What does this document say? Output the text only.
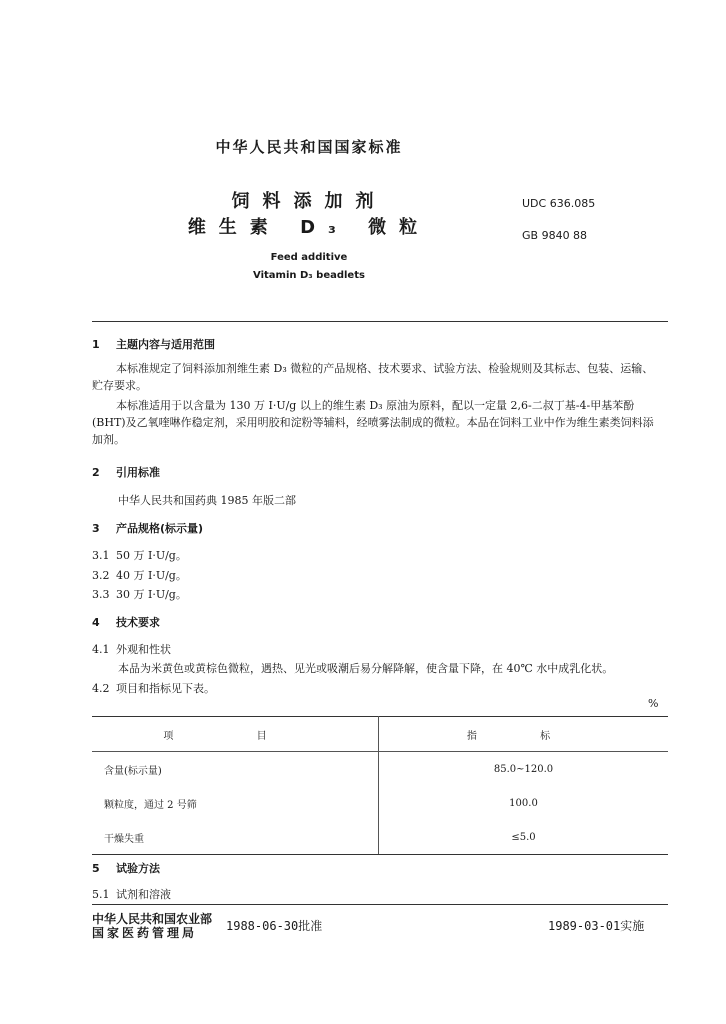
中华人民共和国国家标准
饲料添加剂
维生素 D₃ 微粒
Feed additive
Vitamin D₃ beadlets
UDC 636.085
GB 9840 88
1 主题内容与适用范围
本标准规定了饲料添加剂维生素 D₃ 微粒的产品规格、技术要求、试验方法、检验规则及其标志、包装、运输、贮存要求。
本标准适用于以含量为 130 万 I·U/g 以上的维生素 D₃ 原油为原料，配以一定量 2,6-二叔丁基-4-甲基苯酚(BHT)及乙氧喹啉作稳定剂，采用明胶和淀粉等辅料，经喷雾法制成的微粒。本品在饲料工业中作为维生素类饲料添加剂。
2 引用标准
中华人民共和国药典 1985 年版二部
3 产品规格(标示量)
3.1 50 万 I·U/g。
3.2 40 万 I·U/g。
3.3 30 万 I·U/g。
4 技术要求
4.1 外观和性状
本品为米黄色或黄棕色微粒，遇热、见光或吸潮后易分解降解，使含量下降，在 40℃ 水中成乳化状。
4.2 项目和指标见下表。
%
项 目	指 标
含量(标示量)	85.0~120.0
颗粒度，通过 2 号筛	100.0
干燥失重	≤5.0
5 试验方法
5.1 试剂和溶液
中华人民共和国农业部
国家医药管理局 1988-06-30批准	1989-03-01实施
